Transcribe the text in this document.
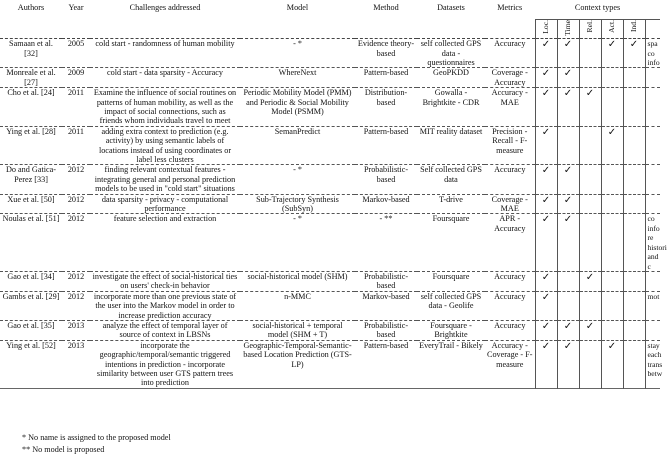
Authors	Year	Challenges addressed	Model	Method	Datasets	Metrics	Context types					
							Loc.	Time	Rel.	Act.	Ind.	
Samaan et al. [32]	2005	cold start - randomness of human mobility	- *	Evidence theory-based	self collected GPS data - questionnaires	Accuracy	✓	✓		✓	✓	spa co info
Monreale et al. [27]	2009	cold start - data sparsity - Accuracy	WhereNext	Pattern-based	GeoPKDD	Coverage - Accuracy	✓	✓				
Cho et al. [24]	2011	Examine the influence of social routines on patterns of human mobility, as well as the impact of social connections, such as friends whom individuals travel to meet	Periodic Mobility Model (PMM) and Periodic & Social Mobility Model (PSMM)	Distribution-based	Gowalla - Brightkite - CDR	Accuracy - MAE	✓	✓	✓			
Ying et al. [28]	2011	adding extra context to prediction (e.g. activity) by using semantic labels of locations instead of using coordinates or label less clusters	SemanPredict	Pattern-based	MIT reality dataset	Precision - Recall - F-measure	✓			✓		
Do and Gatica-Perez [33]	2012	finding relevant contextual features - integrating general and personal prediction models to be used in "cold start" situations	- *	Probabilistic-based	Self collected GPS data	Accuracy	✓	✓				
Xue et al. [50]	2012	data sparsity - privacy - computational performance	Sub-Trajectory Synthesis (SubSyn)	Markov-based	T-drive	Coverage - MAE	✓	✓				
Noulas et al. [51]	2012	feature selection and extraction	- *	- **	Foursquare	APR - Accuracy	✓	✓				co info re histori and c
Gao et al. [34]	2012	investigate the effect of social-historical ties on users' check-in behavior	social-historical model (SHM)	Probabilistic-based	Foursquare	Accuracy	✓		✓			
Gambs et al. [29]	2012	incorporate more than one previous state of the user into the Markov model in order to increase prediction accuracy	n-MMC	Markov-based	self collected GPS data - Geolife	Accuracy	✓					mot
Gao et al. [35]	2013	analyze the effect of temporal layer of source of context in LBSNs	social-historical + temporal model (SHM + T)	Probabilistic-based	Foursquare - Brightkite	Accuracy	✓	✓	✓			
Ying et al. [52]	2013	incorporate the geographic/temporal/semantic triggered intentions in prediction - incorporate similarity between user GTS pattern trees into prediction	Geographic-Temporal-Semantic-based Location Prediction (GTS-LP)	Pattern-based	EveryTrail - Bikely	Accuracy - Coverage - F-measure	✓	✓		✓		stay each trans betw
* No name is assigned to the proposed model
** No model is proposed
